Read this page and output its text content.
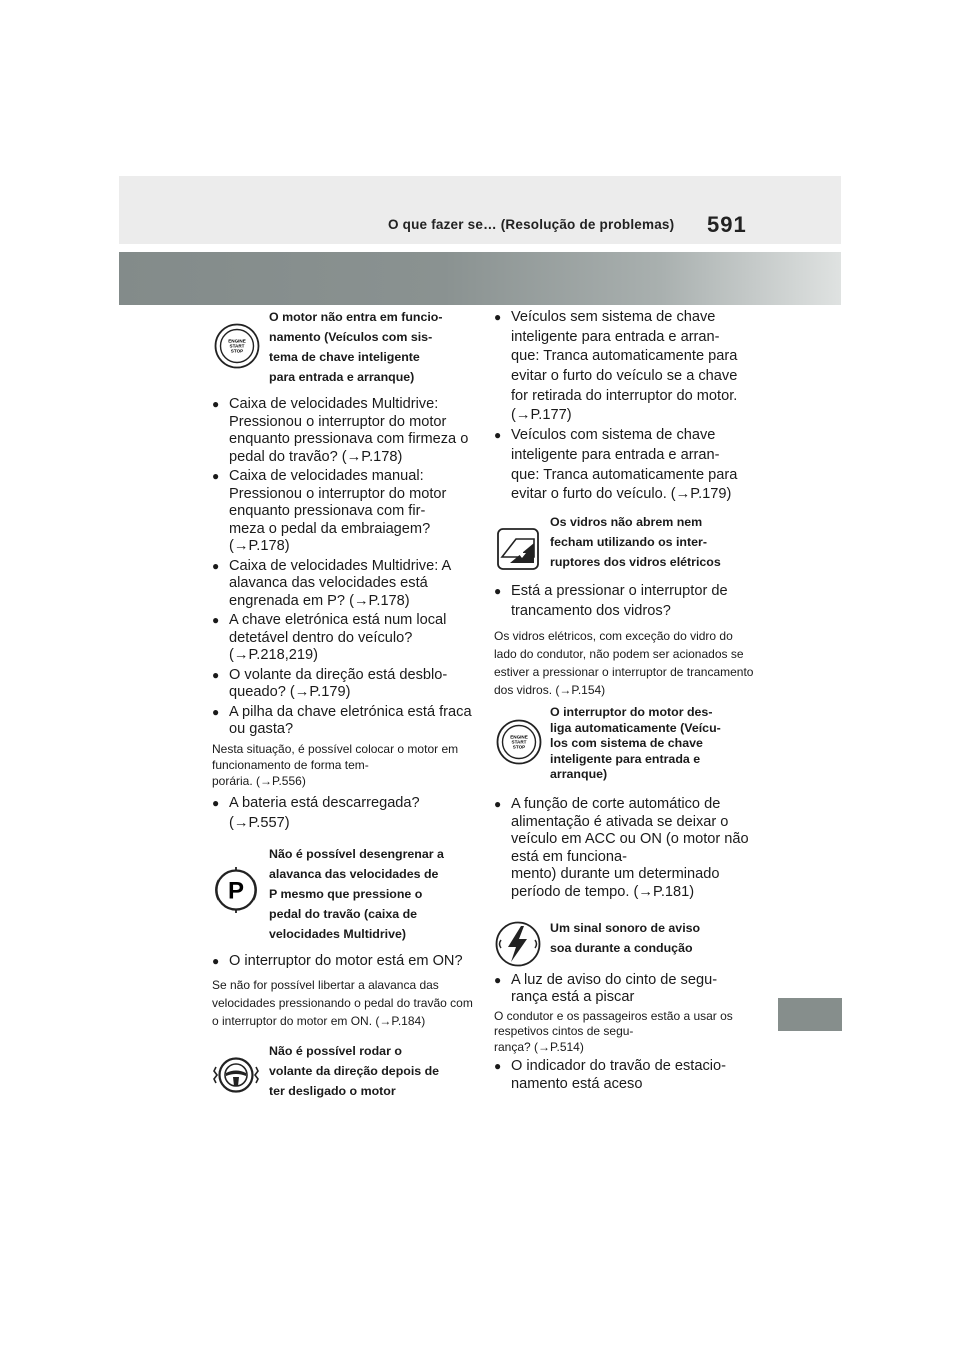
O que fazer se… (Resolução de problemas) 591
ENGINE
START
STOP
O motor não entra em funcio-
namento (Veículos com sis-
tema de chave inteligente
para entrada e arranque)
● Caixa de velocidades Multidrive: Pressionou o interruptor do motor enquanto pressionava com firmeza o pedal do travão? (→P.178)
● Caixa de velocidades manual: Pressionou o interruptor do motor enquanto pressionava com fir-
meza o pedal da embraiagem? (→P.178)
● Caixa de velocidades Multidrive: A alavanca das velocidades está engrenada em P? (→P.178)
● A chave eletrónica está num local detetável dentro do veículo? (→P.218,219)
● O volante da direção está desblo-
queado? (→P.179)
● A pilha da chave eletrónica está fraca ou gasta?
Nesta situação, é possível colocar o motor em funcionamento de forma tem-
porária. (→P.556)
● A bateria está descarregada? (→P.557)
P
Não é possível desengrenar a
alavanca das velocidades de
P mesmo que pressione o
pedal do travão (caixa de
velocidades Multidrive)
● O interruptor do motor está em ON?
Se não for possível libertar a alavanca das velocidades pressionando o pedal do travão com o interruptor do motor em ON. (→P.184)
Não é possível rodar o
volante da direção depois de
ter desligado o motor
● Veículos sem sistema de chave inteligente para entrada e arran-
que: Tranca automaticamente para evitar o furto do veículo se a chave for retirada do interruptor do motor. (→P.177)
● Veículos com sistema de chave inteligente para entrada e arran-
que: Tranca automaticamente para evitar o furto do veículo. (→P.179)
Os vidros não abrem nem
fecham utilizando os inter-
ruptores dos vidros elétricos
● Está a pressionar o interruptor de trancamento dos vidros?
Os vidros elétricos, com exceção do vidro do lado do condutor, não podem ser acionados se estiver a pressionar o interruptor de trancamento dos vidros. (→P.154)
ENGINE
START
STOP
O interruptor do motor des-
liga automaticamente (Veícu-
los com sistema de chave
inteligente para entrada e
arranque)
● A função de corte automático de alimentação é ativada se deixar o veículo em ACC ou ON (o motor não está em funciona-
mento) durante um determinado período de tempo. (→P.181)
Um sinal sonoro de aviso
soa durante a condução
● A luz de aviso do cinto de segu-
rança está a piscar
O condutor e os passageiros estão a usar os respetivos cintos de segu-
rança? (→P.514)
● O indicador do travão de estacio-
namento está aceso
